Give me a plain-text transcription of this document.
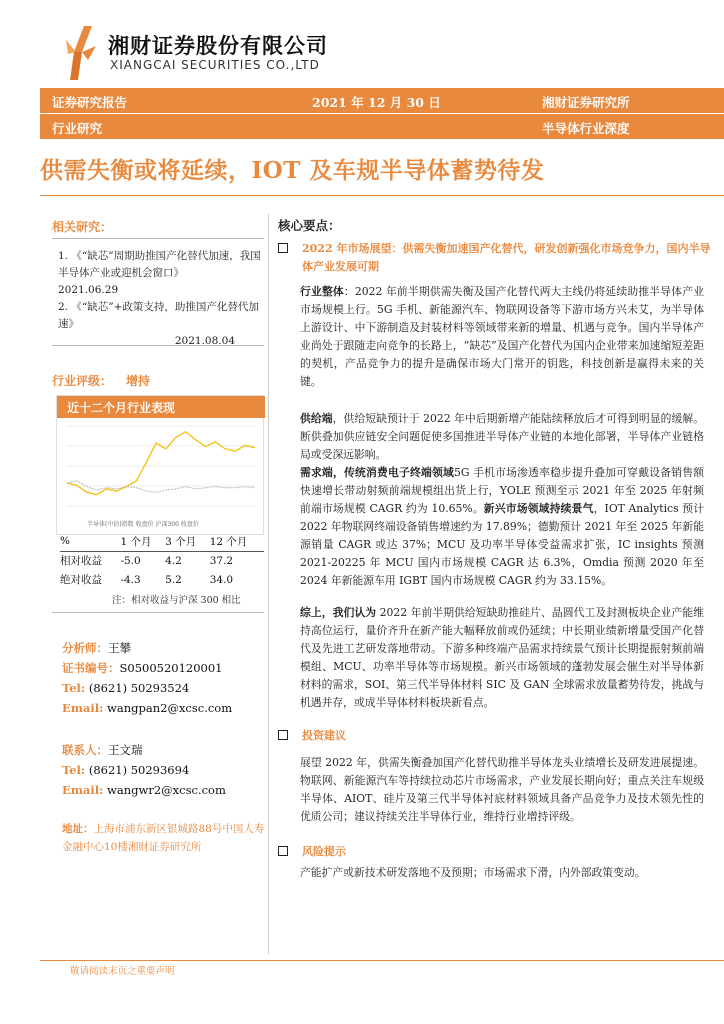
湘财证券股份有限公司
XIANGCAI SECURITIES CO.,LTD
证券研究报告	2021 年 12 月 30 日	湘财证券研究所
行业研究	半导体行业深度
供需失衡或将延续，IOT 及车规半导体蓄势待发
相关研究：
1. 《“缺芯”周期助推国产化替代加速，我国半导体产业或迎机会窗口》
2021.06.29
2. 《“缺芯”+政策支持，助推国产化替代加速》
2021.08.04
行业评级： 增持
近十二个月行业表现
半导体(中信)指数 收盘价 沪深300 收盘价
%	1 个月	3 个月	12 个月
相对收益	-5.0	4.2	37.2
绝对收益	-4.3	5.2	34.0
注：相对收益与沪深 300 相比
分析师：王攀
证书编号：S0500520120001
Tel: (8621) 50293524
Email: wangpan2@xcsc.com
联系人：王文瑞
Tel: (8621) 50293694
Email: wangwr2@xcsc.com
地址：上海市浦东新区银城路88号中国人寿金融中心10楼湘财证券研究所
核心要点：
2022 年市场展望：供需失衡加速国产化替代，研发创新强化市场竞争力，国内半导体产业发展可期
行业整体：2022 年前半期供需失衡及国产化替代两大主线仍将延续助推半导体产业市场规模上行。5G 手机、新能源汽车、物联网设备等下游市场方兴未艾，为半导体上游设计、中下游制造及封装材料等领域带来新的增量、机遇与竞争。国内半导体产业尚处于跟随走向竞争的长路上，“缺芯”及国产化替代为国内企业带来加速缩短差距的契机，产品竞争力的提升是确保市场大门常开的钥匙，科技创新是赢得未来的关键。
供给端，供给短缺预计于 2022 年中后期新增产能陆续释放后才可得到明显的缓解。断供叠加供应链安全问题促使多国推进半导体产业链的本地化部署，半导体产业链格局或受深远影响。
需求端，传统消费电子终端领域5G 手机市场渗透率稳步提升叠加可穿戴设备销售额快速增长带动射频前端规模组出货上行，YOLE 预测至示 2021 年至 2025 年射频前端市场规模 CAGR 约为 10.65%。新兴市场领域持续景气，IOT Analytics 预计 2022 年物联网终端设备销售增速约为 17.89%；德勤预计 2021 年至 2025 年新能源销量 CAGR 或达 37%；MCU 及功率半导体受益需求扩张，IC insights 预测 2021-20225 年 MCU 国内市场规模 CAGR 达 6.3%，Omdia 预测 2020 年至 2024 年新能源车用 IGBT 国内市场规模 CAGR 约为 33.15%。
综上，我们认为 2022 年前半期供给短缺助推硅片、晶圆代工及封测板块企业产能维持高位运行，量价齐升在新产能大幅释放前或仍延续；中长期业绩新增量受国产化替代及先进工艺研发落地带动。下游多种终端产品需求持续景气预计长期提振射频前端模组、MCU、功率半导体等市场规模。新兴市场领域的蓬勃发展会催生对半导体新材料的需求，SOI、第三代半导体材料 SIC 及 GAN 全球需求放量蓄势待发，挑战与机遇并存，或成半导体材料板块新看点。
投资建议
展望 2022 年，供需失衡叠加国产化替代助推半导体龙头业绩增长及研发进展提速。物联网、新能源汽车等持续拉动芯片市场需求，产业发展长期向好；重点关注车规级半导体、AIOT、硅片及第三代半导体衬底材料领域具备产品竞争力及技术领先性的优质公司；建议持续关注半导体行业，维持行业增持评级。
风险提示
产能扩产或新技术研发落地不及预期；市场需求下滑，内外部政策变动。
敬请阅读末页之重要声明
